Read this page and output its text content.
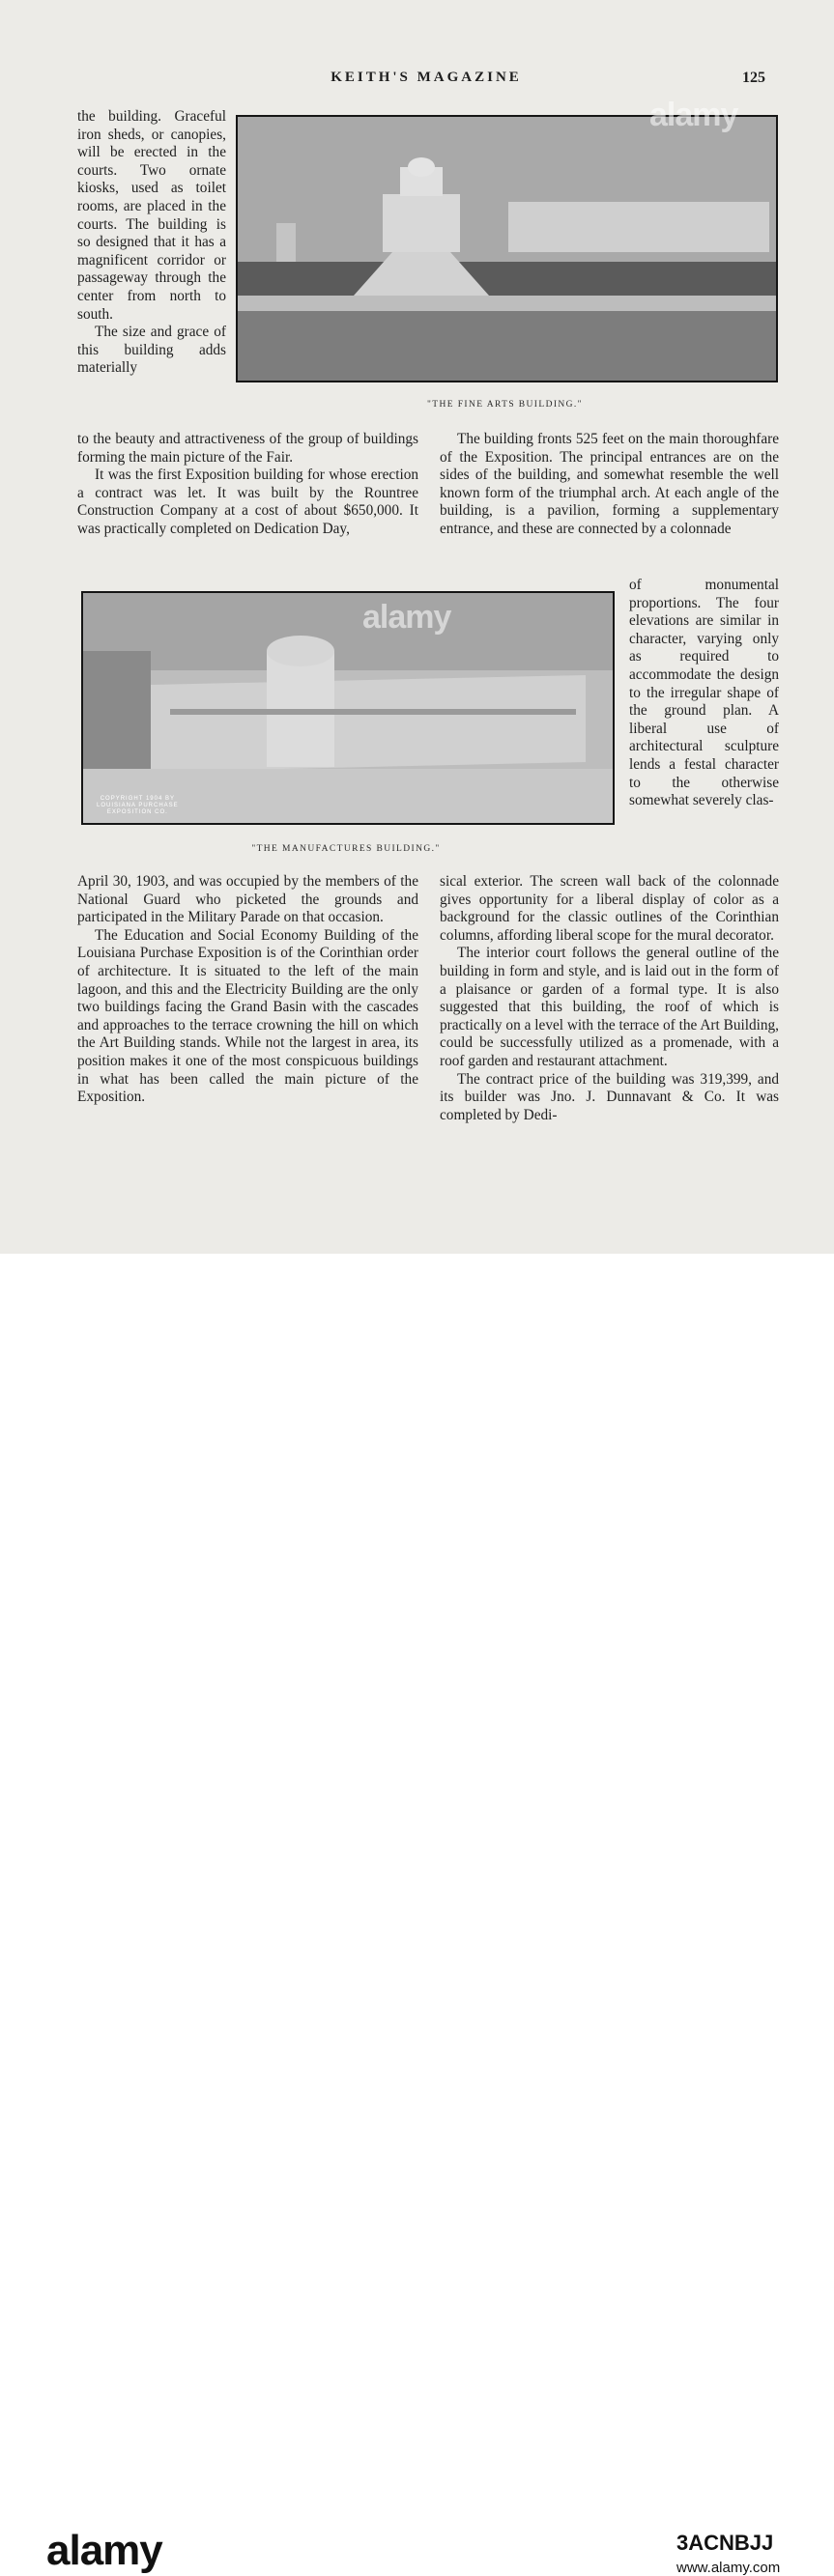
KEITH'S MAGAZINE	125
"THE FINE ARTS BUILDING."

the building. Graceful iron sheds, or canopies, will be erected in the courts. Two ornate kiosks, used as toilet rooms, are placed in the courts. The building is so designed that it has a magnificent corridor or passageway through the center from north to south.

The size and grace of this building adds materially

to the beauty and attractiveness of the group of buildings forming the main picture of the Fair.

It was the first Exposition building for whose erection a contract was let. It was built by the Rountree Construction Company at a cost of about $650,000. It was practically completed on Dedication Day,

The building fronts 525 feet on the main thoroughfare of the Exposition. The principal entrances are on the sides of the building, and somewhat resemble the well known form of the triumphal arch. At each angle of the building, is a pavilion, forming a supplementary entrance, and these are connected by a colonnade

COPYRIGHT 1904 BY
LOUISIANA PURCHASE
EXPOSITION CO.
"THE MANUFACTURES BUILDING."

of monumental proportions. The four elevations are similar in character, varying only as required to accommodate the design to the irregular shape of the ground plan. A liberal use of architectural sculpture lends a festal character to the otherwise somewhat severely clas-

April 30, 1903, and was occupied by the members of the National Guard who picketed the grounds and participated in the Military Parade on that occasion.

The Education and Social Economy Building of the Louisiana Purchase Exposition is of the Corinthian order of architecture. It is situated to the left of the main lagoon, and this and the Electricity Building are the only two buildings facing the Grand Basin with the cascades and approaches to the terrace crowning the hill on which the Art Building stands. While not the largest in area, its position makes it one of the most conspicuous buildings in what has been called the main picture of the Exposition.

sical exterior. The screen wall back of the colonnade gives opportunity for a liberal display of color as a background for the classic outlines of the Corinthian columns, affording liberal scope for the mural decorator.

The interior court follows the general outline of the building in form and style, and is laid out in the form of a plaisance or garden of a formal type. It is also suggested that this building, the roof of which is practically on a level with the terrace of the Art Building, could be successfully utilized as a promenade, with a roof garden and restaurant attachment.

The contract price of the building was 319,399, and its builder was Jno. J. Dunnavant & Co. It was completed by Dedi-

alamy
alamy
alamy	3ACNBJJ
www.alamy.com
